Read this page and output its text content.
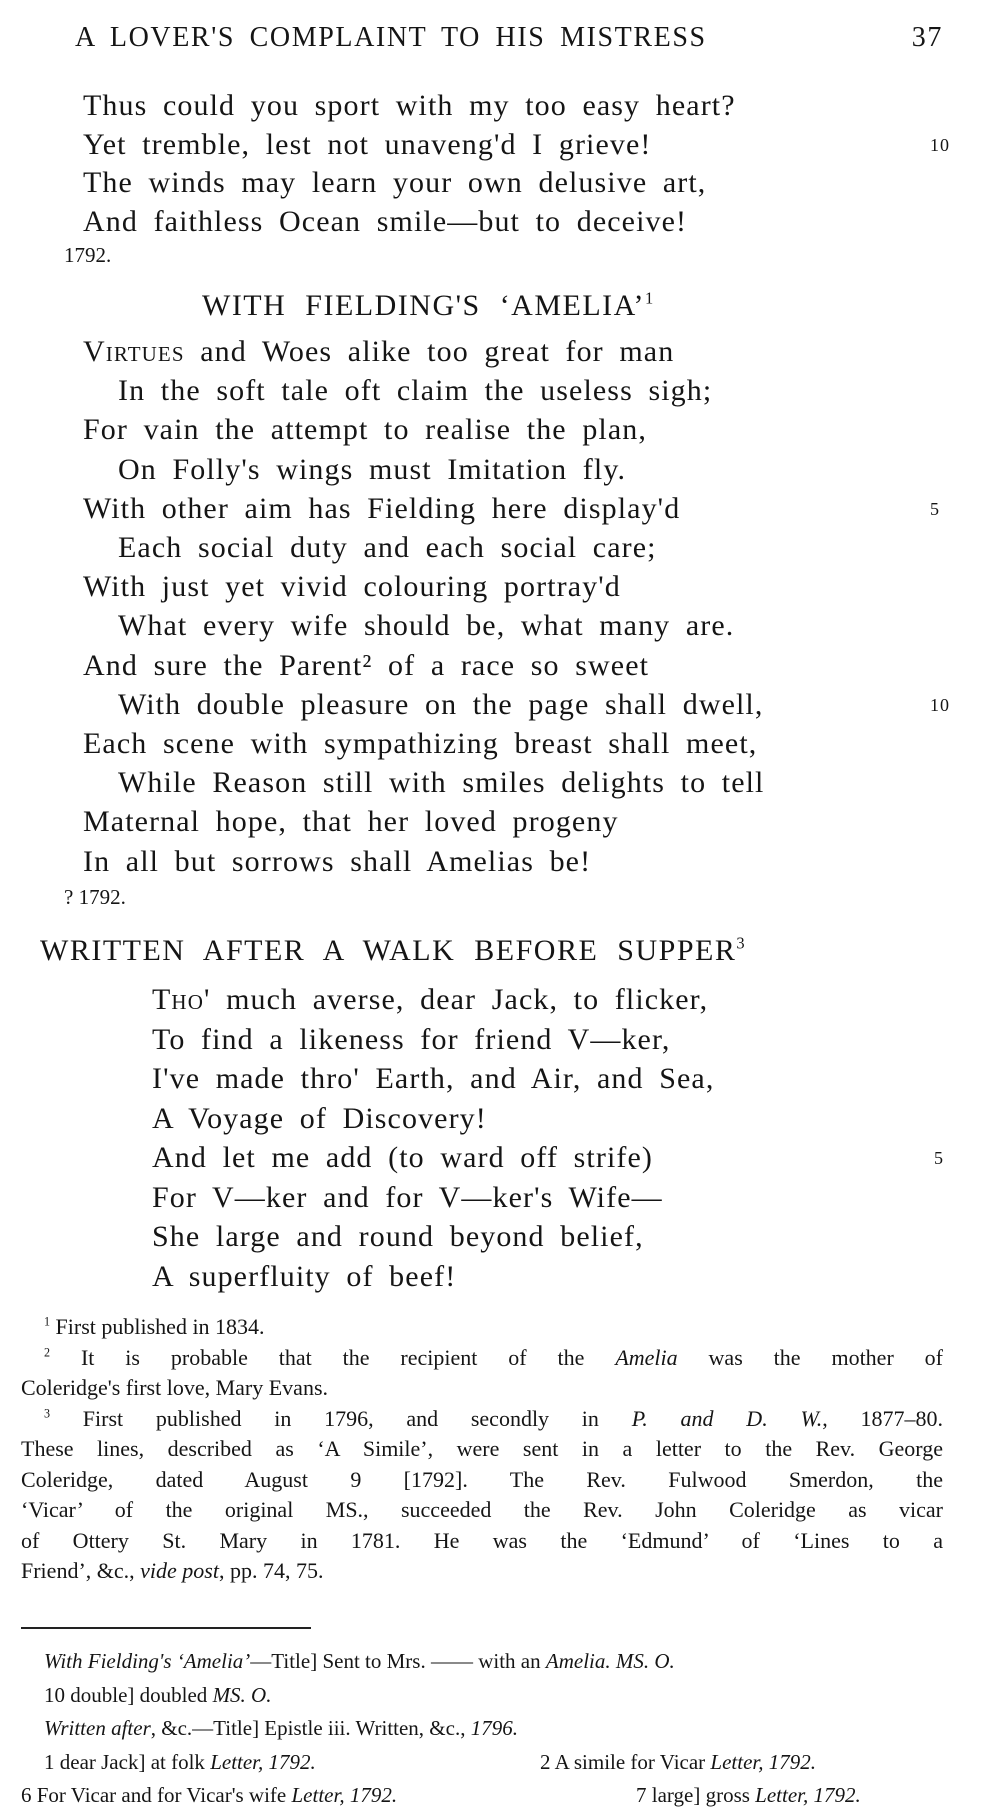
A LOVER'S COMPLAINT TO HIS MISTRESS	37
Thus could you sport with my too easy heart?
Yet tremble, lest not unaveng'd I grieve!	10
The winds may learn your own delusive art,
And faithless Ocean smile—but to deceive!
1792.
WITH FIELDING'S ‘AMELIA’$^1$
Virtues and Woes alike too great for man
In the soft tale oft claim the useless sigh;
For vain the attempt to realise the plan,
On Folly's wings must Imitation fly.
With other aim has Fielding here display'd	5
Each social duty and each social care;
With just yet vivid colouring portray'd
What every wife should be, what many are.
And sure the Parent² of a race so sweet
With double pleasure on the page shall dwell,	10
Each scene with sympathizing breast shall meet,
While Reason still with smiles delights to tell
Maternal hope, that her loved progeny
In all but sorrows shall Amelias be!
? 1792.
WRITTEN AFTER A WALK BEFORE SUPPER$^3$
Tho' much averse, dear Jack, to flicker,
To find a likeness for friend V—ker,
I've made thro' Earth, and Air, and Sea,
A Voyage of Discovery!
And let me add (to ward off strife)	5
For V—ker and for V—ker's Wife—
She large and round beyond belief,
A superfluity of beef!
$^1$ First published in 1834.
$^2$ It is probable that the recipient of the Amelia was the mother of
Coleridge's first love, Mary Evans.
$^3$ First published in 1796, and secondly in P. and D. W., 1877–80.
These lines, described as ‘A Simile’, were sent in a letter to the Rev. George
Coleridge, dated August 9 [1792]. The Rev. Fulwood Smerdon, the
‘Vicar’ of the original MS., succeeded the Rev. John Coleridge as vicar
of Ottery St. Mary in 1781. He was the ‘Edmund’ of ‘Lines to a
Friend’, &c., vide post, pp. 74, 75.
With Fielding's ‘Amelia’—Title] Sent to Mrs. —— with an Amelia. MS. O.
10 double] doubled MS. O.
Written after, &c.—Title] Epistle iii. Written, &c., 1796.
1 dear Jack] at folk Letter, 1792.	2 A simile for Vicar Letter, 1792.
6 For Vicar and for Vicar's wife Letter, 1792.	7 large] gross Letter, 1792.
